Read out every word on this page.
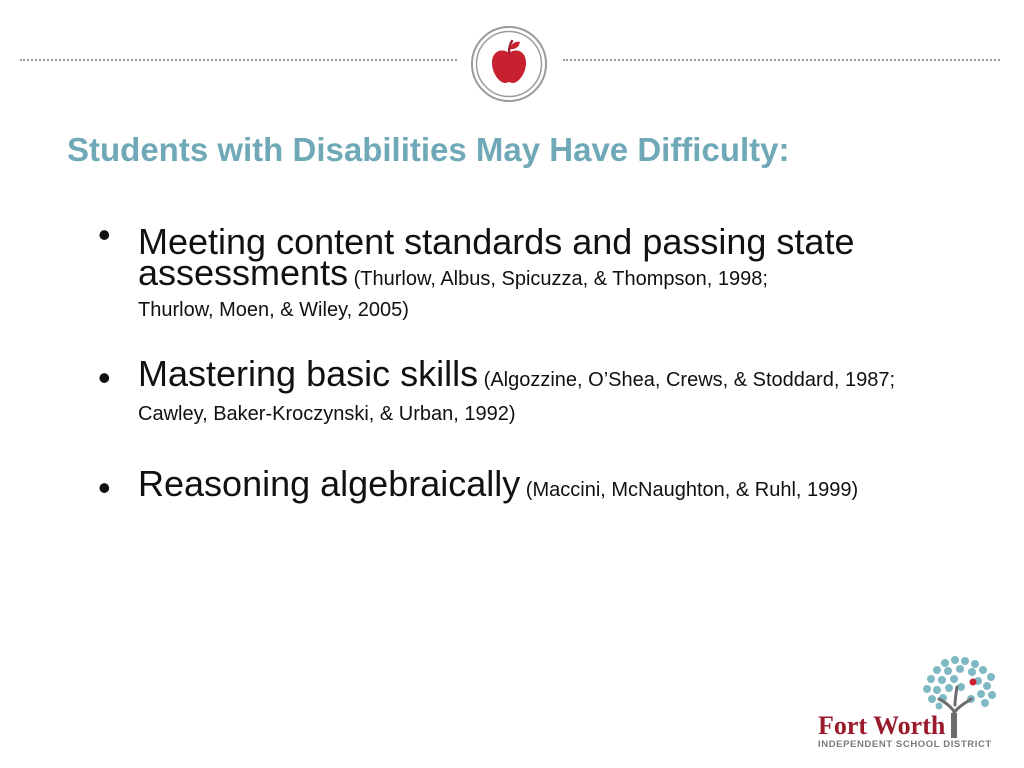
Students with Disabilities May Have Difficulty:
• Meeting content standards and passing state
assessments (Thurlow, Albus, Spicuzza, & Thompson, 1998;
Thurlow, Moen, & Wiley, 2005)
• Mastering basic skills (Algozzine, O’Shea, Crews, & Stoddard, 1987; Cawley, Baker-Kroczynski, & Urban, 1992)
• Reasoning algebraically (Maccini, McNaughton, & Ruhl, 1999)
Fort Worth
INDEPENDENT SCHOOL DISTRICT
